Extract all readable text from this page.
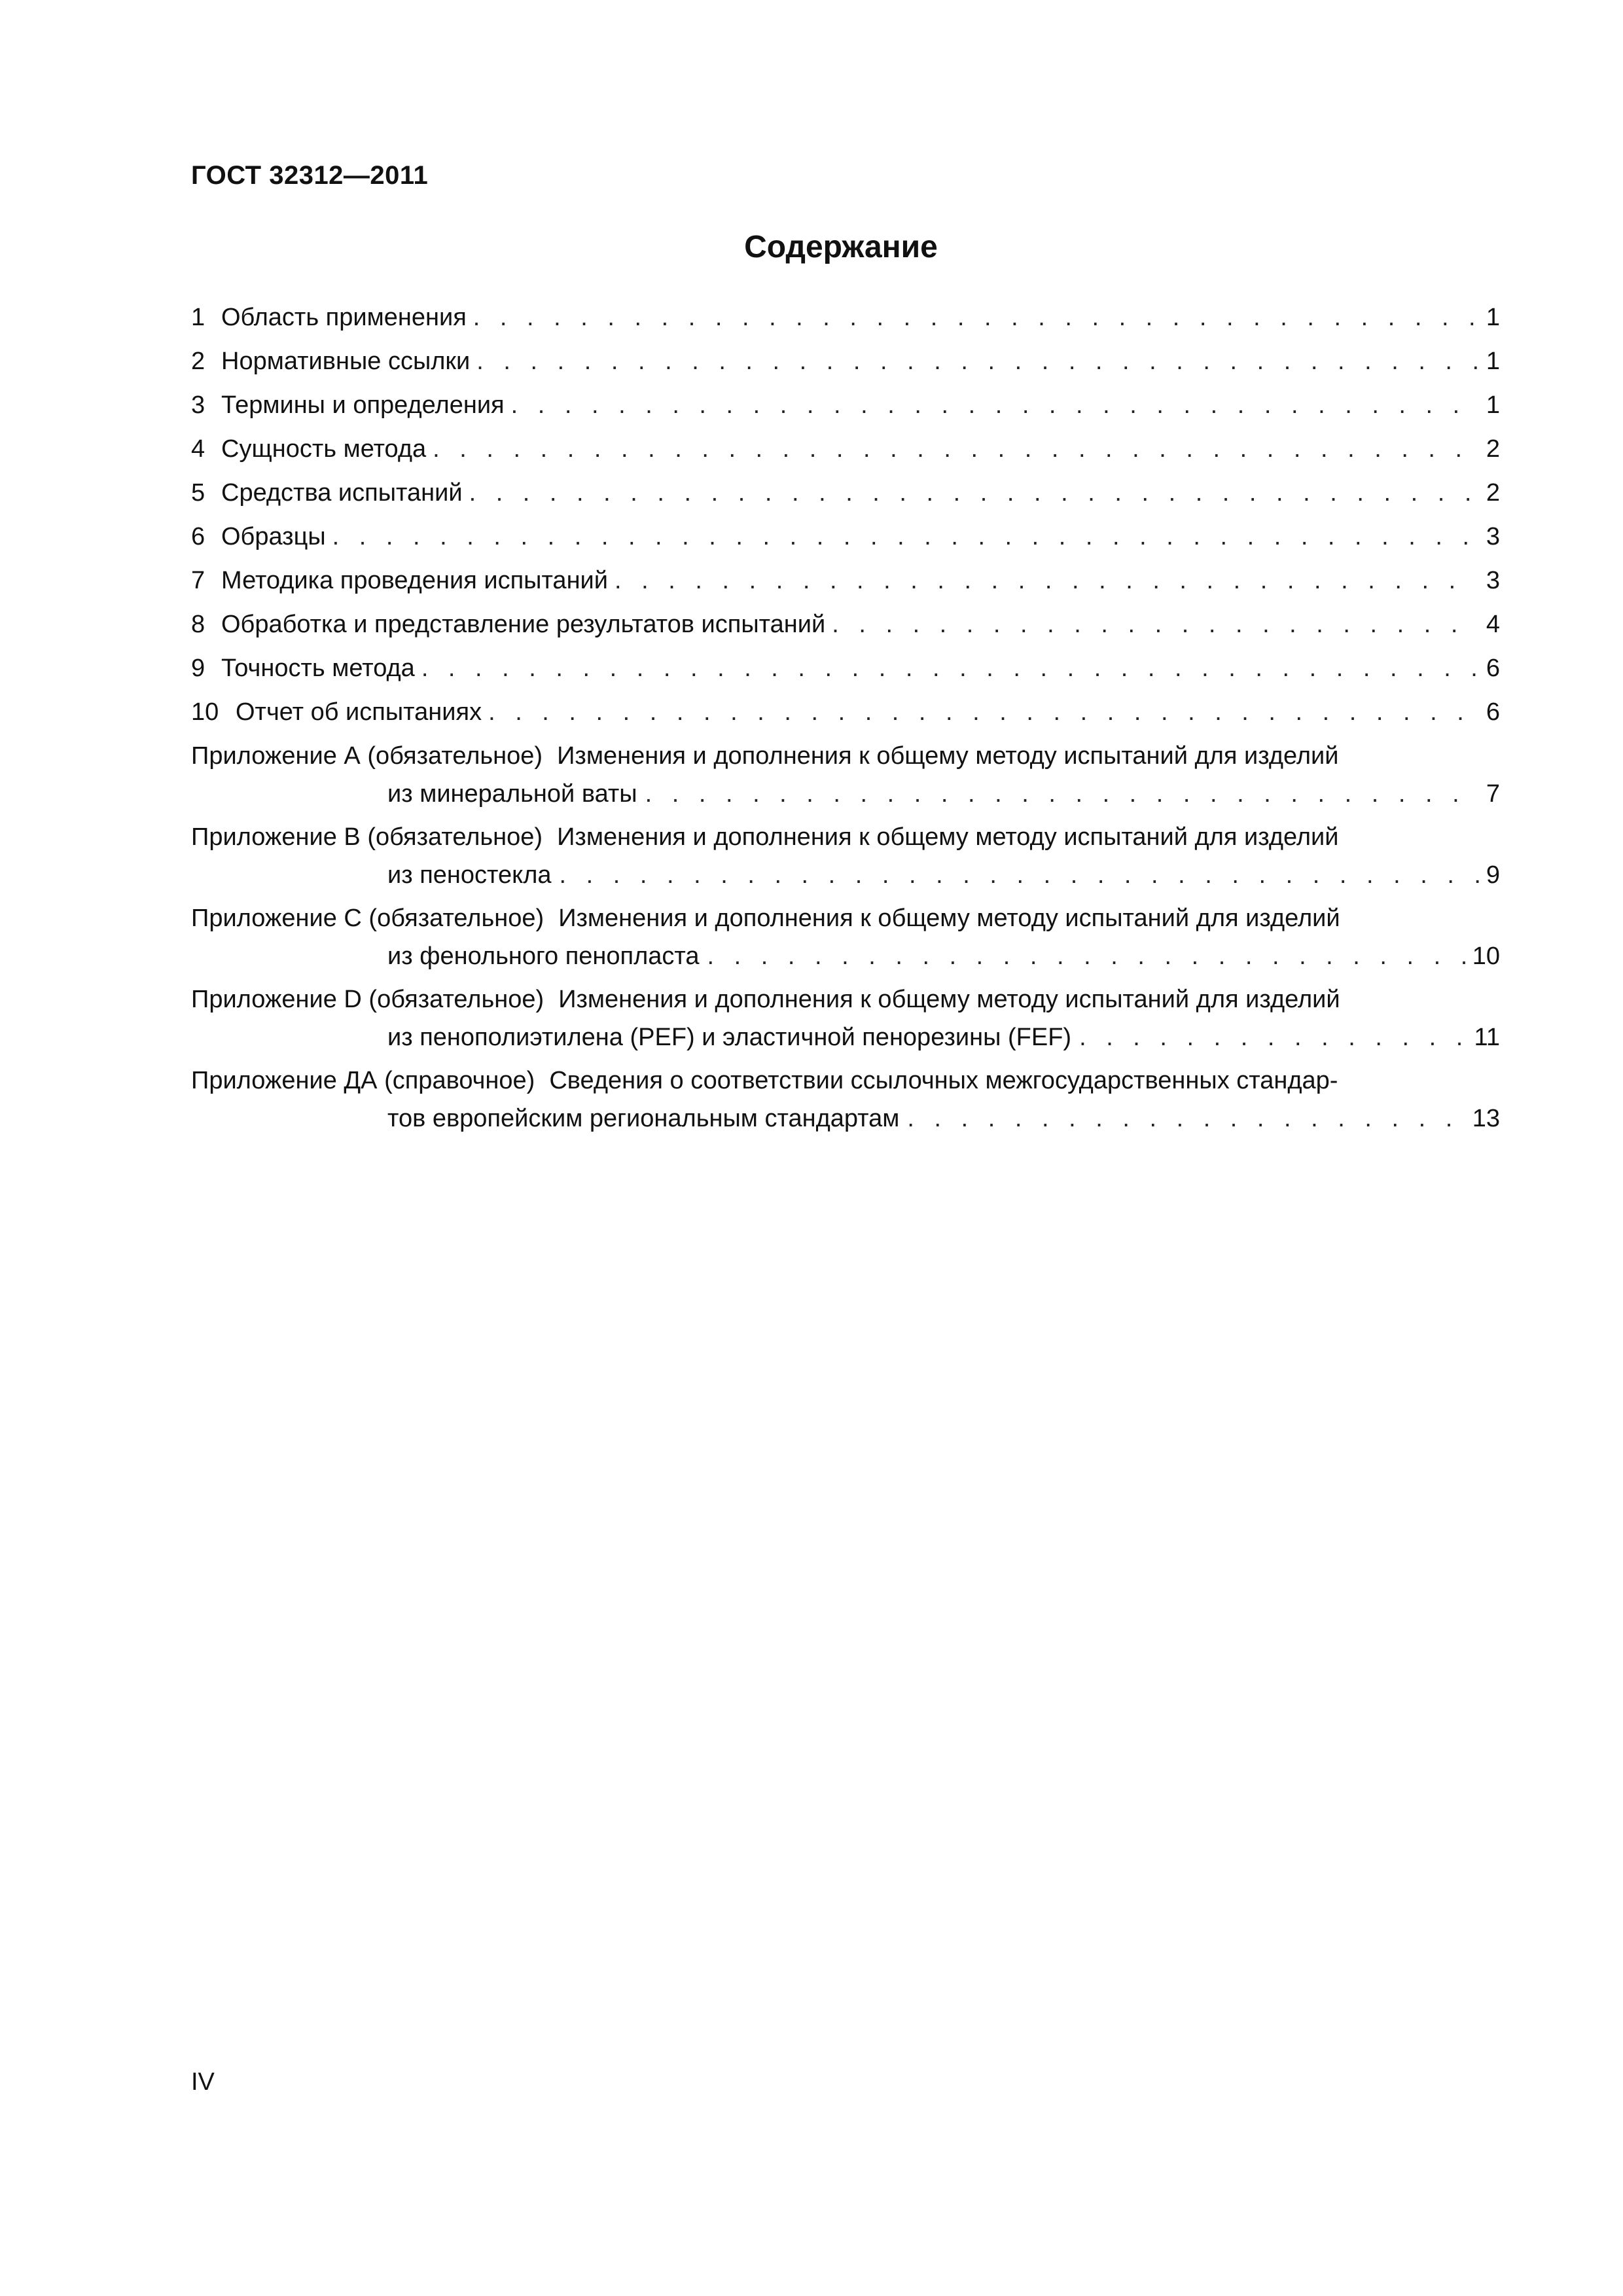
ГОСТ 32312—2011
Содержание
1 Область применения . . .	1
2 Нормативные ссылки . . .	1
3 Термины и определения . . .	1
4 Сущность метода . . .	2
5 Средства испытаний . . .	2
6 Образцы . . .	3
7 Методика проведения испытаний . . .	3
8 Обработка и представление результатов испытаний . . .	4
9 Точность метода . . .	6
10 Отчет об испытаниях . . .	6
Приложение А (обязательное) Изменения и дополнения к общему методу испытаний для изделий
из минеральной ваты . . .	7
Приложение В (обязательное) Изменения и дополнения к общему методу испытаний для изделий
из пеностекла . . .	9
Приложение С (обязательное) Изменения и дополнения к общему методу испытаний для изделий
из фенольного пенопласта . . .	10
Приложение D (обязательное) Изменения и дополнения к общему методу испытаний для изделий
из пенополиэтилена (PEF) и эластичной пенорезины (FEF) . . .	11
Приложение ДА (справочное) Сведения о соответствии ссылочных межгосударственных стандар-
тов европейским региональным стандартам . . .	13
IV
